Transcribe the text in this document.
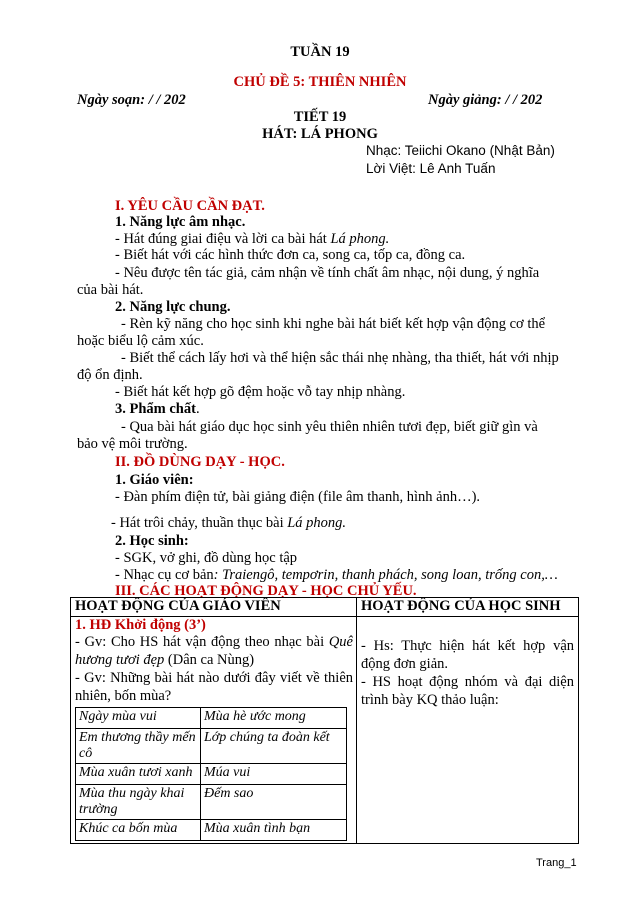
TUẦN 19
CHỦ ĐỀ 5: THIÊN NHIÊN
Ngày soạn: / / 202	Ngày giảng: / / 202
TIẾT 19
HÁT: LÁ PHONG
Nhạc: Teiichi Okano (Nhật Bản)
Lời Việt: Lê Anh Tuấn
I. YÊU CẦU CẦN ĐẠT.
1. Năng lực âm nhạc.
- Hát đúng giai điệu và lời ca bài hát Lá phong.
- Biết hát với các hình thức đơn ca, song ca, tốp ca, đồng ca.
- Nêu được tên tác giả, cảm nhận về tính chất âm nhạc, nội dung, ý nghĩa
của bài hát.
2. Năng lực chung.
- Rèn kỹ năng cho học sinh khi nghe bài hát biết kết hợp vận động cơ thể
hoặc biểu lộ cảm xúc.
- Biết thể cách lấy hơi và thể hiện sắc thái nhẹ nhàng, tha thiết, hát với nhịp
độ ổn định.
- Biết hát kết hợp gõ đệm hoặc vỗ tay nhịp nhàng.
3. Phẩm chất.
- Qua bài hát giáo dục học sinh yêu thiên nhiên tươi đẹp, biết giữ gìn và
bảo vệ môi trường.
II. ĐỒ DÙNG DẠY - HỌC.
1. Giáo viên:
- Đàn phím điện tử, bài giảng điện (file âm thanh, hình ảnh…).
- Hát trôi chảy, thuần thục bài Lá phong.
2. Học sinh:
- SGK, vở ghi, đồ dùng học tập
- Nhạc cụ cơ bản: Traiengô, tempơrin, thanh phách, song loan, trống con,…
III. CÁC HOẠT ĐỘNG DẠY - HỌC CHỦ YẾU.
HOẠT ĐỘNG CỦA GIÁO VIÊN	HOẠT ĐỘNG CỦA HỌC SINH

1. HĐ Khởi động (3’)
- Gv: Cho HS hát vận động theo nhạc bài Quê hương tươi đẹp (Dân ca Nùng)
- Gv: Những bài hát nào dưới đây viết về thiên nhiên, bốn mùa?
Ngày mùa vui	Mùa hè ước mong
Em thương thầy mến cô	Lớp chúng ta đoàn kết
Mùa xuân tươi xanh	Múa vui
Mùa thu ngày khai trường	Đếm sao
Khúc ca bốn mùa	Mùa xuân tình bạn

- Hs: Thực hiện hát kết hợp vận động đơn giản.
- HS hoạt động nhóm và đại diện trình bày KQ thảo luận:
Trang_1
